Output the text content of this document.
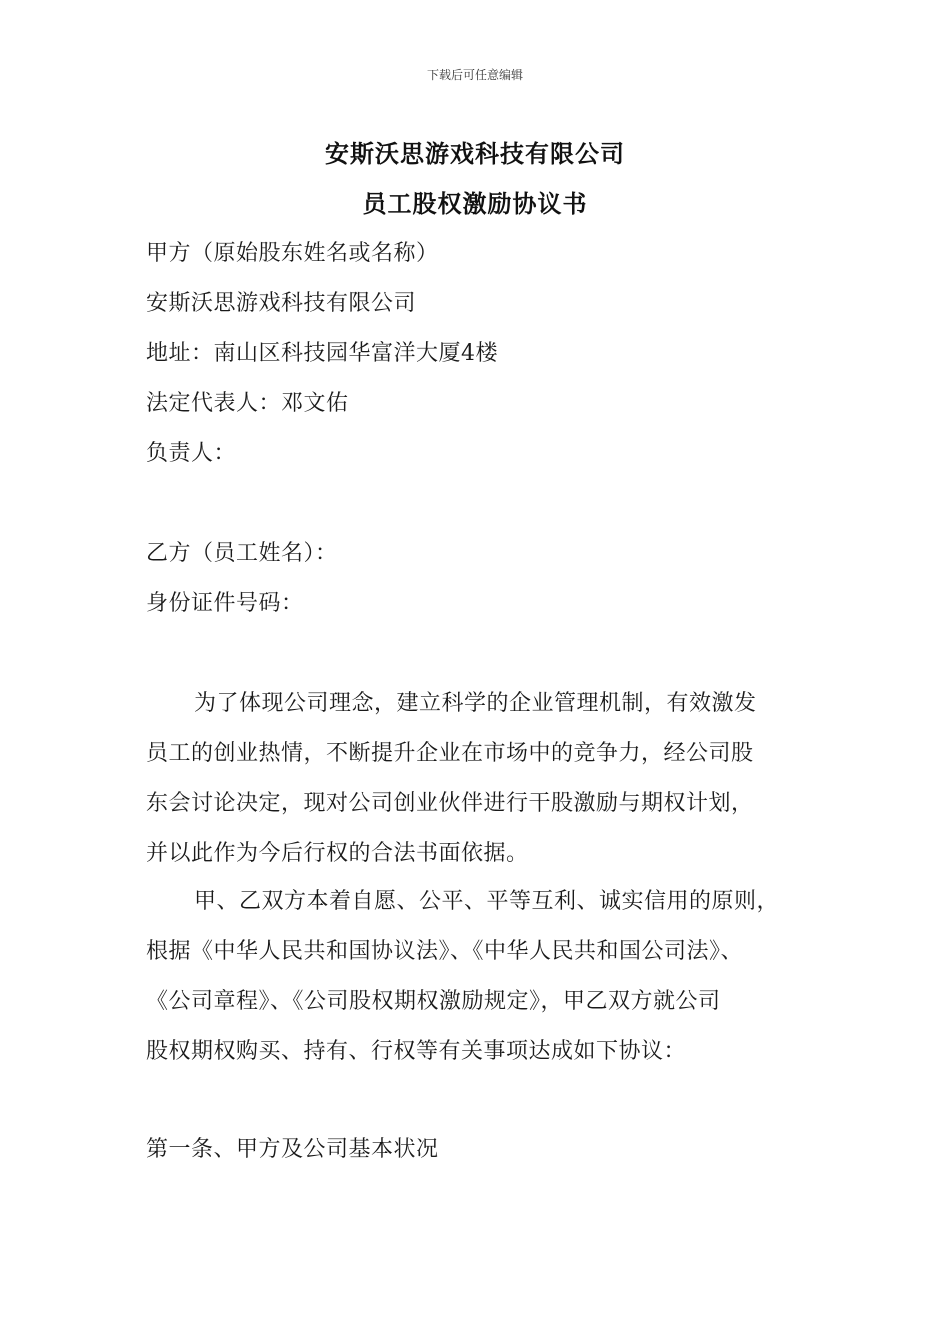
下载后可任意编辑
安斯沃思游戏科技有限公司
员工股权激励协议书
甲方（原始股东姓名或名称）
安斯沃思游戏科技有限公司
地址：南山区科技园华富洋大厦4楼
法定代表人：邓文佑
负责人：
乙方（员工姓名）：
身份证件号码：
为了体现公司理念，建立科学的企业管理机制，有效激发
员工的创业热情，不断提升企业在市场中的竞争力，经公司股
东会讨论决定，现对公司创业伙伴进行干股激励与期权计划，
并以此作为今后行权的合法书面依据。
甲、乙双方本着自愿、公平、平等互利、诚实信用的原则，
根据《中华人民共和国协议法》、《中华人民共和国公司法》、
《公司章程》、《公司股权期权激励规定》，甲乙双方就公司
股权期权购买、持有、行权等有关事项达成如下协议：
第一条、甲方及公司基本状况
